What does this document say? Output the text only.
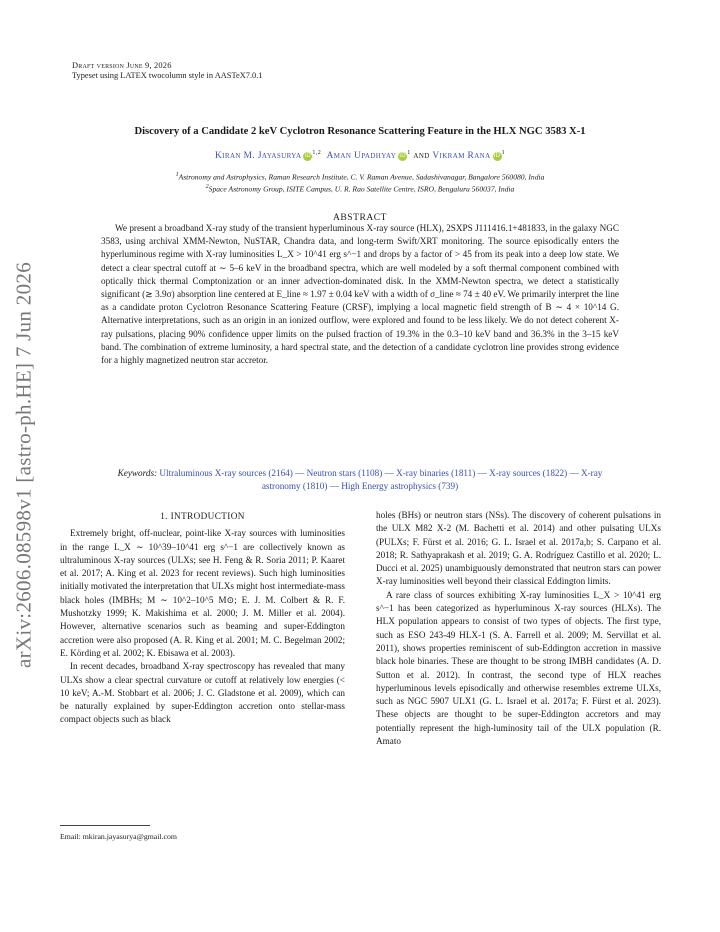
arXiv:2606.08598v1 [astro-ph.HE] 7 Jun 2026
Draft version June 9, 2026
Typeset using LATEX twocolumn style in AASTeX7.0.1
Discovery of a Candidate 2 keV Cyclotron Resonance Scattering Feature in the HLX NGC 3583 X-1
Kiran M. Jayasurya iD$^{1,2}$ Aman Upadhyay $iD^1$ and Vikram Rana $iD^1$
$^1$Astronomy and Astrophysics, Raman Research Institute, C. V. Raman Avenue, Sadashivanagar, Bangalore 560080, India
$^2$Space Astronomy Group, ISITE Campus, U. R. Rao Satellite Centre, ISRO, Bengaluru 560037, India
ABSTRACT

We present a broadband X-ray study of the transient hyperluminous X-ray source (HLX), 2SXPS J111416.1+481833, in the galaxy NGC 3583, using archival XMM-Newton, NuSTAR, Chandra data, and long-term Swift/XRT monitoring. The source episodically enters the hyperluminous regime with X-ray luminosities L_X > 10^41 erg s^−1 and drops by a factor of > 45 from its peak into a deep low state. We detect a clear spectral cutoff at ∼ 5–6 keV in the broadband spectra, which are well modeled by a soft thermal component combined with optically thick thermal Comptonization or an inner advection-dominated disk. In the XMM-Newton spectra, we detect a statistically significant (≳ 3.9σ) absorption line centered at E_line ≈ 1.97 ± 0.04 keV with a width of σ_line ≈ 74 ± 40 eV. We primarily interpret the line as a candidate proton Cyclotron Resonance Scattering Feature (CRSF), implying a local magnetic field strength of B ∼ 4 × 10^14 G. Alternative interpretations, such as an origin in an ionized outflow, were explored and found to be less likely. We do not detect coherent X-ray pulsations, placing 90% confidence upper limits on the pulsed fraction of 19.3% in the 0.3–10 keV band and 36.3% in the 3–15 keV band. The combination of extreme luminosity, a hard spectral state, and the detection of a candidate cyclotron line provides strong evidence for a highly magnetized neutron star accretor.

Keywords: Ultraluminous X-ray sources (2164) — Neutron stars (1108) — X-ray binaries (1811) — X-ray sources (1822) — X-ray astronomy (1810) — High Energy astrophysics (739)
1. INTRODUCTION

Extremely bright, off-nuclear, point-like X-ray sources with luminosities in the range L_X ∼ 10^39–10^41 erg s^−1 are collectively known as ultraluminous X-ray sources (ULXs; see H. Feng & R. Soria 2011; P. Kaaret et al. 2017; A. King et al. 2023 for recent reviews). Such high luminosities initially motivated the interpretation that ULXs might host intermediate-mass black holes (IMBHs; M ∼ 10^2–10^5 M⊙; E. J. M. Colbert & R. F. Mushotzky 1999; K. Makishima et al. 2000; J. M. Miller et al. 2004). However, alternative scenarios such as beaming and super-Eddington accretion were also proposed (A. R. King et al. 2001; M. C. Begelman 2002; E. Körding et al. 2002; K. Ebisawa et al. 2003).

In recent decades, broadband X-ray spectroscopy has revealed that many ULXs show a clear spectral curvature or cutoff at relatively low energies (< 10 keV; A.-M. Stobbart et al. 2006; J. C. Gladstone et al. 2009), which can be naturally explained by super-Eddington accretion onto stellar-mass compact objects such as black

holes (BHs) or neutron stars (NSs). The discovery of coherent pulsations in the ULX M82 X-2 (M. Bachetti et al. 2014) and other pulsating ULXs (PULXs; F. Fürst et al. 2016; G. L. Israel et al. 2017a,b; S. Carpano et al. 2018; R. Sathyaprakash et al. 2019; G. A. Rodríguez Castillo et al. 2020; L. Ducci et al. 2025) unambiguously demonstrated that neutron stars can power X-ray luminosities well beyond their classical Eddington limits.

A rare class of sources exhibiting X-ray luminosities L_X > 10^41 erg s^−1 has been categorized as hyperluminous X-ray sources (HLXs). The HLX population appears to consist of two types of objects. The first type, such as ESO 243-49 HLX-1 (S. A. Farrell et al. 2009; M. Servillat et al. 2011), shows properties reminiscent of sub-Eddington accretion in massive black hole binaries. These are thought to be strong IMBH candidates (A. D. Sutton et al. 2012). In contrast, the second type of HLX reaches hyperluminous levels episodically and otherwise resembles extreme ULXs, such as NGC 5907 ULX1 (G. L. Israel et al. 2017a; F. Fürst et al. 2023). These objects are thought to be super-Eddington accretors and may potentially represent the high-luminosity tail of the ULX population (R. Amato

Email: mkiran.jayasurya@gmail.com
